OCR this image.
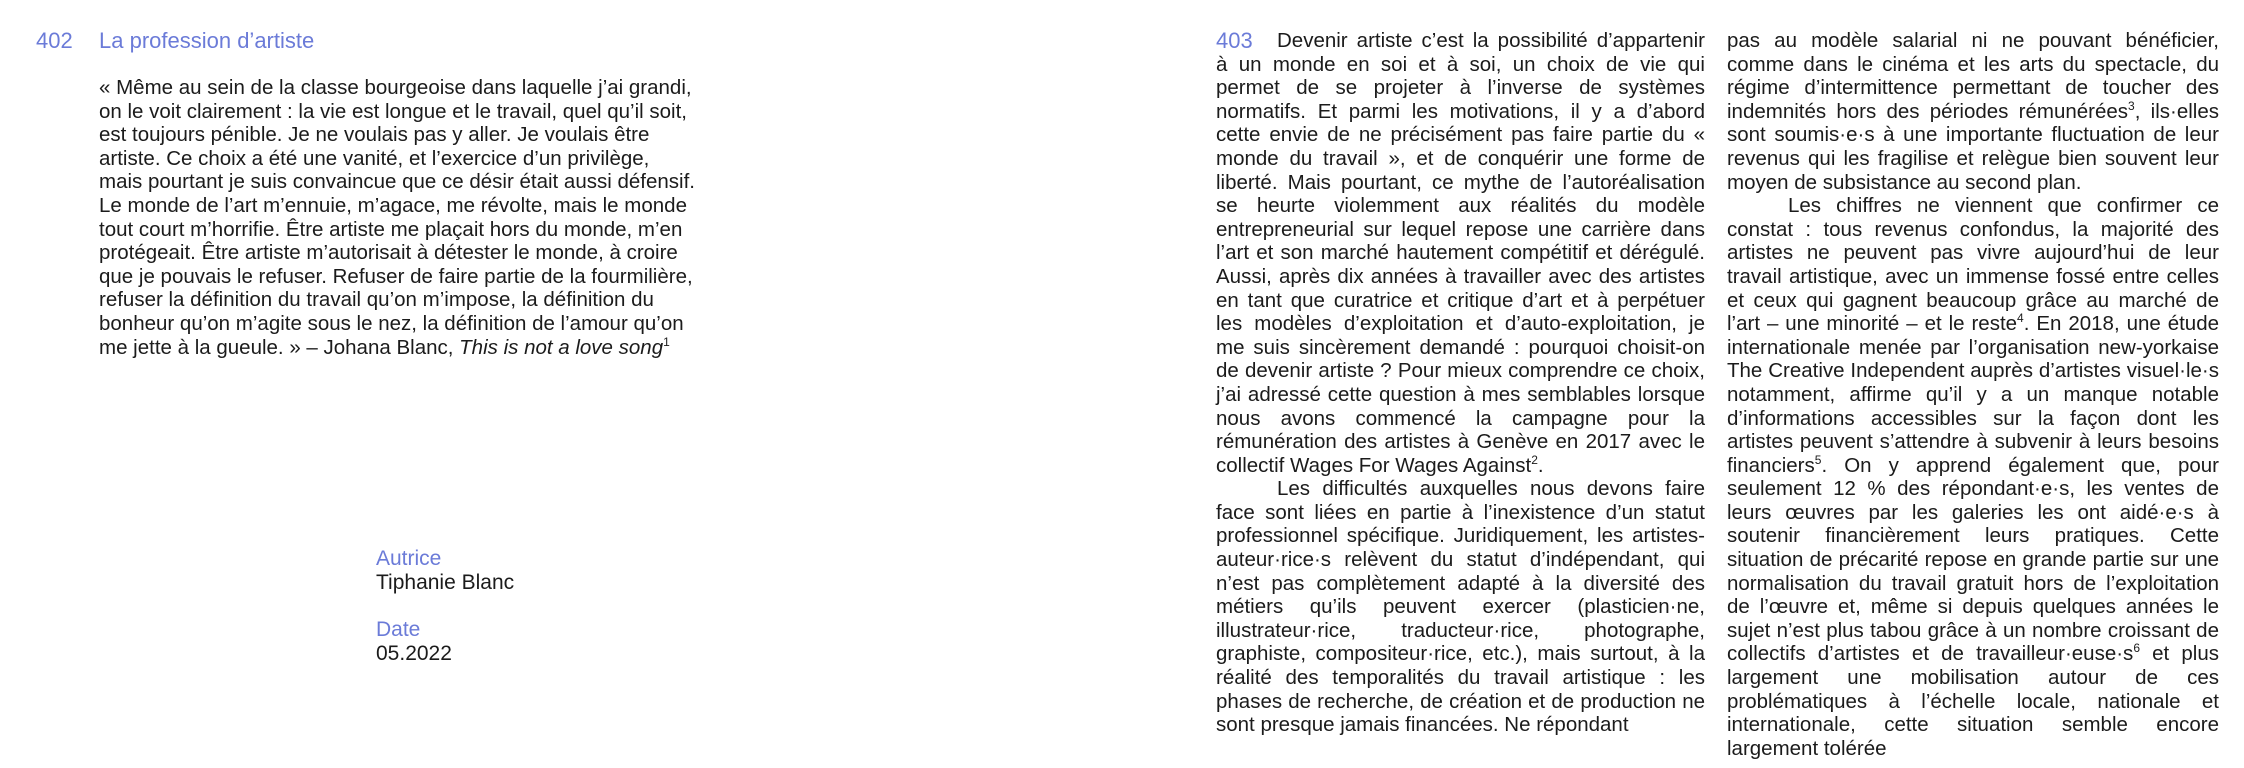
402 La profession d’artiste

« Même au sein de la classe bourgeoise dans laquelle j’ai grandi, on le voit clairement : la vie est longue et le travail, quel qu’il soit, est toujours pénible. Je ne voulais pas y aller. Je voulais être artiste. Ce choix a été une vanité, et l’exercice d’un privilège, mais pourtant je suis convaincue que ce désir était aussi défensif. Le monde de l’art m’ennuie, m’agace, me révolte, mais le monde tout court m’horrifie. Être artiste me plaçait hors du monde, m’en protégeait. Être artiste m’autorisait à détester le monde, à croire que je pouvais le refuser. Refuser de faire partie de la fourmilière, refuser la définition du travail qu’on m’impose, la définition du bonheur qu’on m’agite sous le nez, la définition de l’amour qu’on me jette à la gueule. » – Johana Blanc, This is not a love song$^1$

Autrice
Tiphanie Blanc
Date
05.2022
403	Devenir artiste c’est la possibilité d’appartenir à un monde en soi et à soi, un choix de vie qui permet de se projeter à l’inverse de systèmes normatifs. Et parmi les motivations, il y a d’abord cette envie de ne précisément pas faire partie du « monde du travail », et de conquérir une forme de liberté. Mais pourtant, ce mythe de l’autoréalisation se heurte violemment aux réalités du modèle entrepreneurial sur lequel repose une carrière dans l’art et son marché hautement compétitif et dérégulé. Aussi, après dix années à travailler avec des artistes en tant que curatrice et critique d’art et à perpétuer les modèles d’exploitation et d’auto-exploitation, je me suis sincèrement demandé : pourquoi choisit-on de devenir artiste ? Pour mieux comprendre ce choix, j’ai adressé cette question à mes semblables lorsque nous avons commencé la campagne pour la rémunération des artistes à Genève en 2017 avec le collectif Wages For Wages Against$^2$.

Les difficultés auxquelles nous devons faire face sont liées en partie à l’inexistence d’un statut professionnel spécifique. Juridiquement, les artistes-auteur·rice·s relèvent du statut d’indépendant, qui n’est pas complètement adapté à la diversité des métiers qu’ils peuvent exercer (plasticien·ne, illustrateur·rice, traducteur·rice, photographe, graphiste, compositeur·rice, etc.), mais surtout, à la réalité des temporalités du travail artistique : les phases de recherche, de création et de production ne sont presque jamais financées. Ne répondant

pas au modèle salarial ni ne pouvant bénéficier, comme dans le cinéma et les arts du spectacle, du régime d’intermittence permettant de toucher des indemnités hors des périodes rémunérées$^3$, ils·elles sont soumis·e·s à une importante fluctuation de leur revenus qui les fragilise et relègue bien souvent leur moyen de subsistance au second plan.

Les chiffres ne viennent que confirmer ce constat : tous revenus confondus, la majorité des artistes ne peuvent pas vivre aujourd’hui de leur travail artistique, avec un immense fossé entre celles et ceux qui gagnent beaucoup grâce au marché de l’art – une minorité – et le reste$^4$. En 2018, une étude internationale menée par l’organisation new-yorkaise The Creative Independent auprès d’artistes visuel·le·s notamment, affirme qu’il y a un manque notable d’informations accessibles sur la façon dont les artistes peuvent s’attendre à subvenir à leurs besoins financiers$^5$. On y apprend également que, pour seulement 12 % des répondant·e·s, les ventes de leurs œuvres par les galeries les ont aidé·e·s à soutenir financièrement leurs pratiques. Cette situation de précarité repose en grande partie sur une normalisation du travail gratuit hors de l’exploitation de l’œuvre et, même si depuis quelques années le sujet n’est plus tabou grâce à un nombre croissant de collectifs d’artistes et de $travailleur\cdot euse\cdot s^6$ et plus largement une mobilisation autour de ces problématiques à l’échelle locale, nationale et internationale, cette situation semble encore largement tolérée
